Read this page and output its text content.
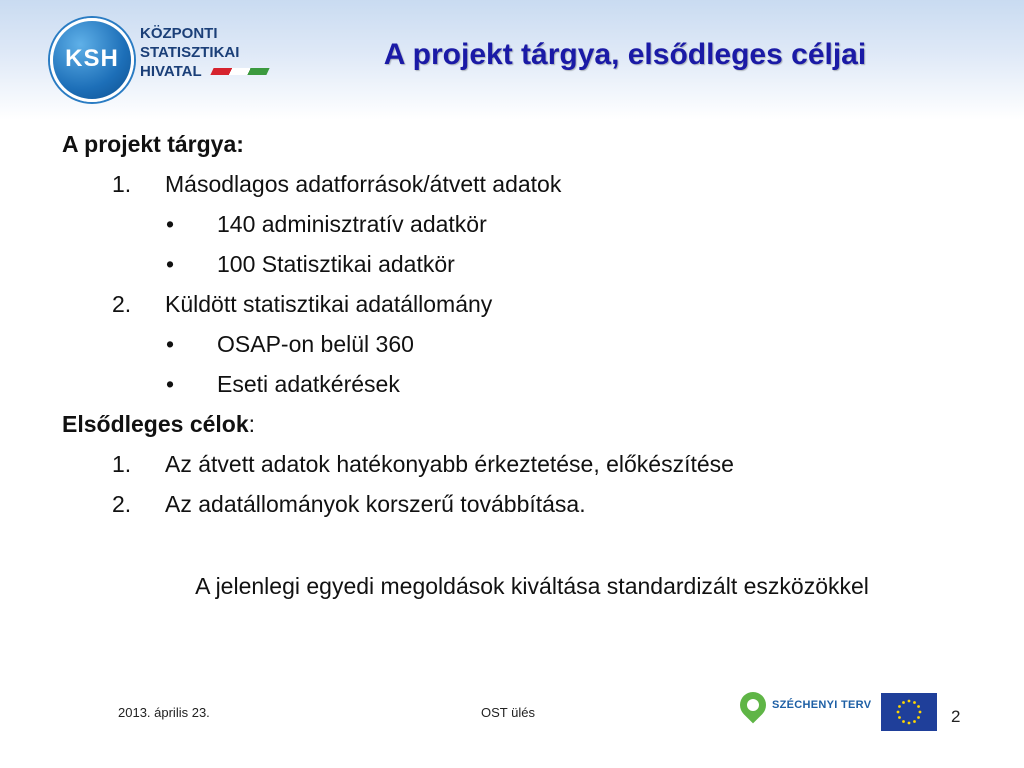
KSH
KÖZPONTI
STATISZTIKAI
HIVATAL
A projekt tárgya, elsődleges céljai
A projekt tárgya:
1. Másodlagos adatforrások/átvett adatok
• 140 adminisztratív adatkör
• 100 Statisztikai adatkör
2. Küldött statisztikai adatállomány
• OSAP-on belül 360
• Eseti adatkérések
Elsődleges célok:
1. Az átvett adatok hatékonyabb érkeztetése, előkészítése
2. Az adatállományok korszerű továbbítása.
A jelenlegi egyedi megoldások kiváltása standardizált eszközökkel
2013. április 23.	OST ülés	SZÉCHENYI TERV
2
